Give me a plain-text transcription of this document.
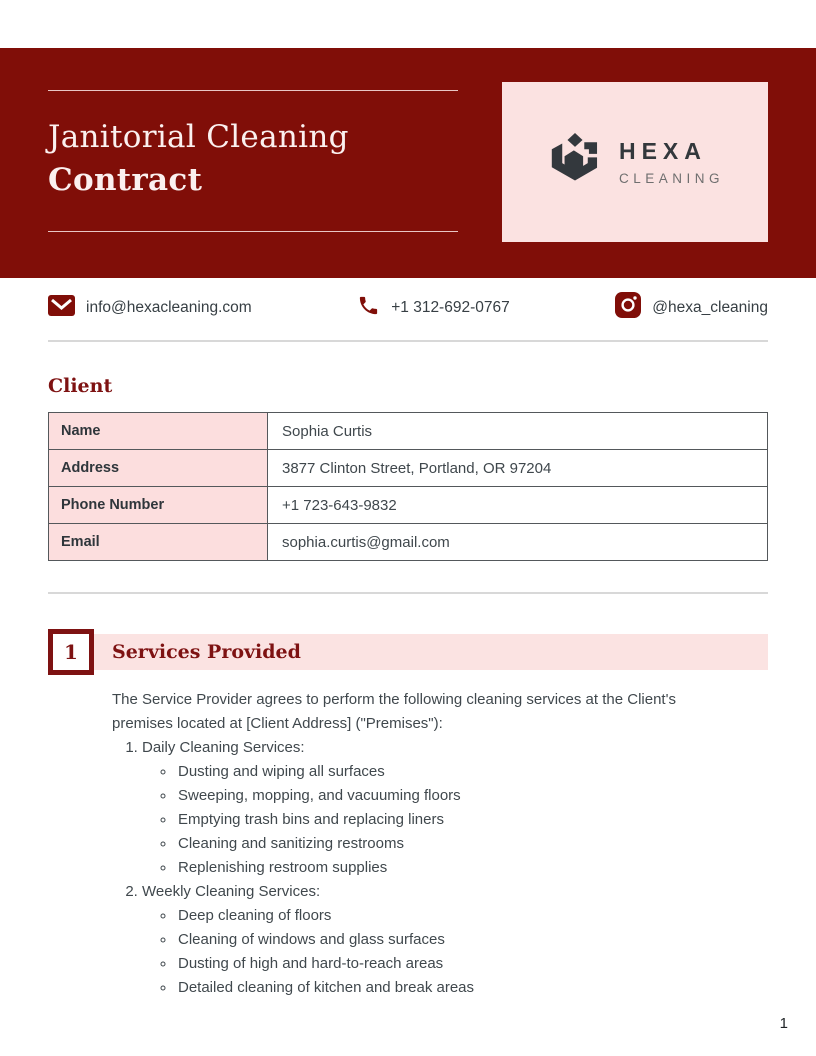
Janitorial Cleaning
Contract
HEXA
CLEANING
info@hexacleaning.com	+1 312-692-0767	@hexa_cleaning
Client
Name	Sophia Curtis
Address	3877 Clinton Street, Portland, OR 97204
Phone Number	+1 723-643-9832
Email	sophia.curtis@gmail.com
1	Services Provided

The Service Provider agrees to perform the following cleaning services at the Client's premises located at [Client Address] ("Premises"):

1. Daily Cleaning Services:
◦ Dusting and wiping all surfaces
◦ Sweeping, mopping, and vacuuming floors
◦ Emptying trash bins and replacing liners
◦ Cleaning and sanitizing restrooms
◦ Replenishing restroom supplies
2. Weekly Cleaning Services:
◦ Deep cleaning of floors
◦ Cleaning of windows and glass surfaces
◦ Dusting of high and hard-to-reach areas
◦ Detailed cleaning of kitchen and break areas
1
